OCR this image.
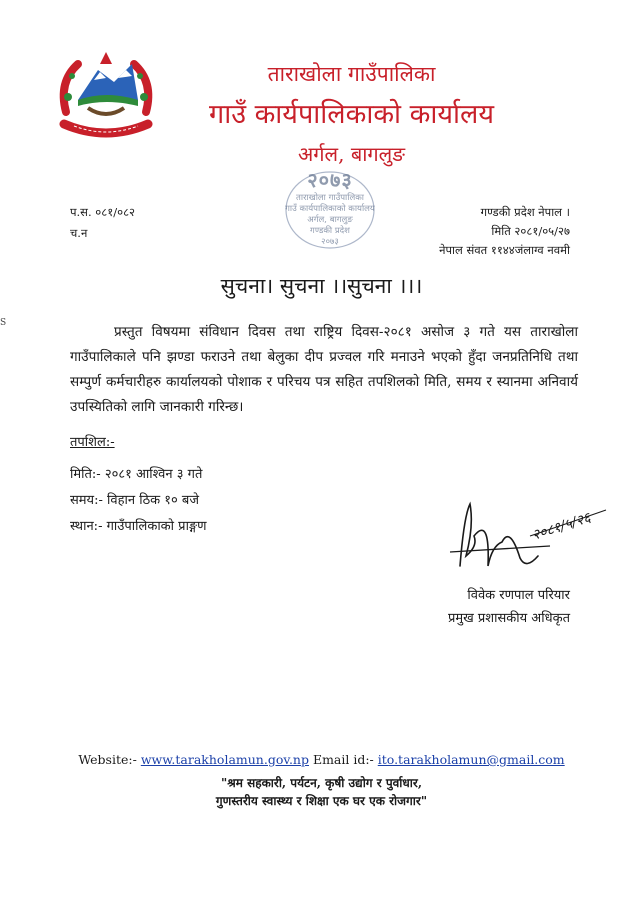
ताराखोला गाउँपालिका
गाउँ कार्यपालिकाको कार्यालय
अर्गल, बागलुङ
२०७३
ताराखोला गाउँपालिका
गाउँ कार्यपालिकाको कार्यालय
अर्गल, बागलुङ
गण्डकी प्रदेश
२०७३
प.स. ०८१/०८२
च.न
गण्डकी प्रदेश नेपाल ।
मिति २०८१/०५/२७
नेपाल संवत ११४४जंलाग्व नवमी
S
सुचना। सुचना ।।सुचना ।।।
प्रस्तुत विषयमा संविधान दिवस तथा राष्ट्रिय दिवस-२०८१ असोज ३ गते यस ताराखोला गाउँपालिकाले पनि झण्डा फराउने तथा बेलुका दीप प्रज्वल गरि मनाउने भएको हुँदा जनप्रतिनिधि तथा सम्पुर्ण कर्मचारीहरु कार्यालयको पोशाक र परिचय पत्र सहित तपशिलको मिति, समय र स्यानमा अनिवार्य उपस्यितिको लागि जानकारी गरिन्छ।
तपशिल:-
मिति:- २०८१ आश्विन ३ गते
समय:- विहान ठिक १० बजे
स्थान:- गाउँपालिकाको प्राङ्गण	२०८१/५/२६
विवेक रणपाल परियार
प्रमुख प्रशासकीय अधिकृत
Website:- www.tarakholamun.gov.np Email id:- ito.tarakholamun@gmail.com
"श्रम सहकारी, पर्यटन, कृषी उद्योग र पुर्वाधार,
गुणस्तरीय स्वास्थ्य र शिक्षा एक घर एक रोजगार"
